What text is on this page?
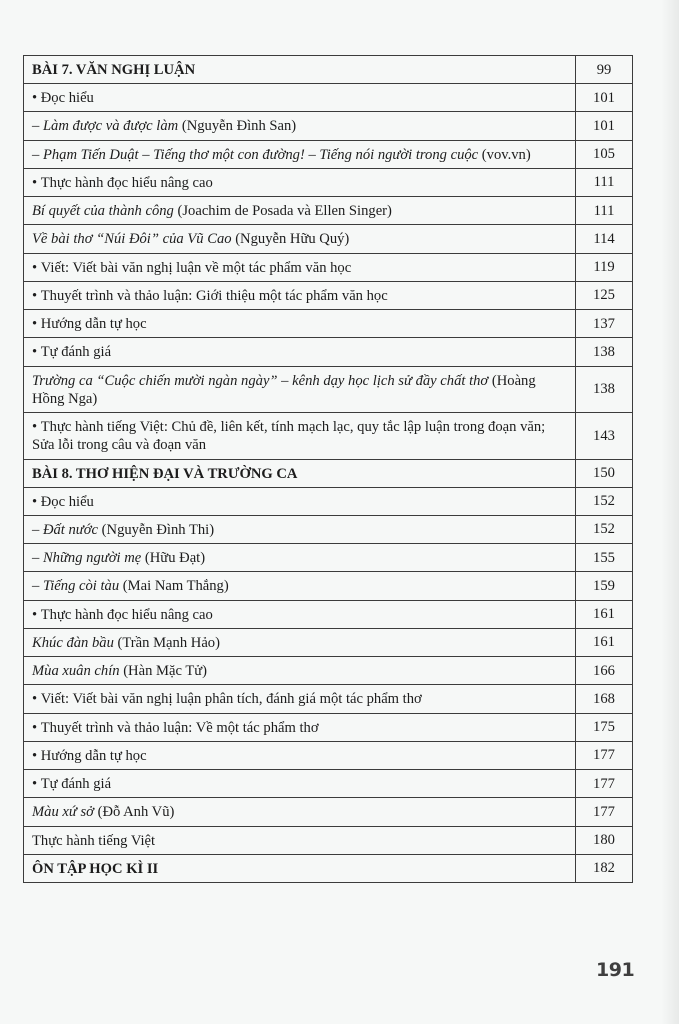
BÀI 7. VĂN NGHỊ LUẬN	99
• Đọc hiểu	101
– Làm được và được làm (Nguyễn Đình San)	101
– Phạm Tiến Duật – Tiếng thơ một con đường! – Tiếng nói người trong cuộc (vov.vn)	105
• Thực hành đọc hiểu nâng cao	111
Bí quyết của thành công (Joachim de Posada và Ellen Singer)	111
Về bài thơ “Núi Đôi” của Vũ Cao (Nguyễn Hữu Quý)	114
• Viết: Viết bài văn nghị luận về một tác phẩm văn học	119
• Thuyết trình và thảo luận: Giới thiệu một tác phẩm văn học	125
• Hướng dẫn tự học	137
• Tự đánh giá	138
Trường ca “Cuộc chiến mười ngàn ngày” – kênh dạy học lịch sử đầy chất thơ (Hoàng Hồng Nga)	138
• Thực hành tiếng Việt: Chủ đề, liên kết, tính mạch lạc, quy tắc lập luận trong đoạn văn; Sửa lỗi trong câu và đoạn văn	143
BÀI 8. THƠ HIỆN ĐẠI VÀ TRƯỜNG CA	150
• Đọc hiểu	152
– Đất nước (Nguyễn Đình Thi)	152
– Những người mẹ (Hữu Đạt)	155
– Tiếng còi tàu (Mai Nam Thắng)	159
• Thực hành đọc hiểu nâng cao	161
Khúc đàn bầu (Trần Mạnh Hảo)	161
Mùa xuân chín (Hàn Mặc Tử)	166
• Viết: Viết bài văn nghị luận phân tích, đánh giá một tác phẩm thơ	168
• Thuyết trình và thảo luận: Về một tác phẩm thơ	175
• Hướng dẫn tự học	177
• Tự đánh giá	177
Màu xứ sở (Đỗ Anh Vũ)	177
Thực hành tiếng Việt	180
ÔN TẬP HỌC KÌ II	182
191
